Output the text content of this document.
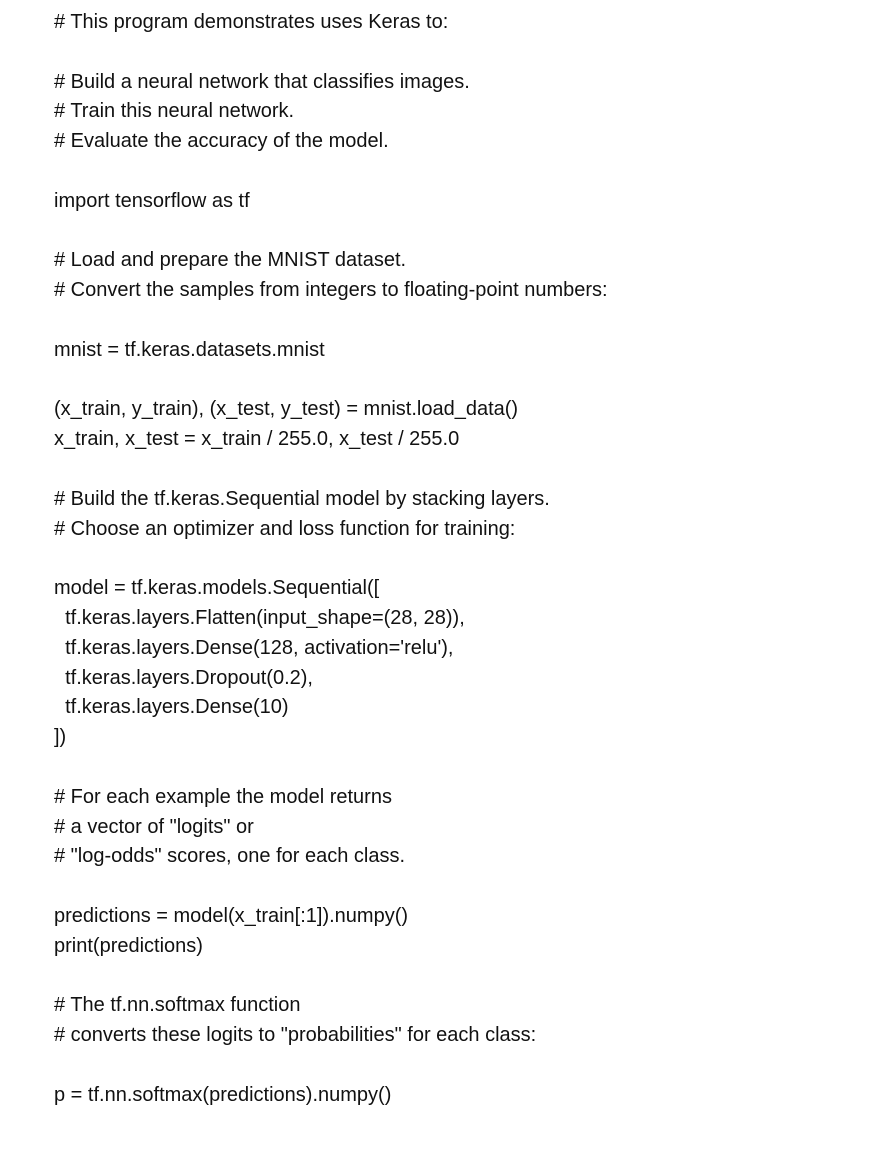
# This program demonstrates uses Keras to:
# Build a neural network that classifies images.
# Train this neural network.
# Evaluate the accuracy of the model.
import tensorflow as tf
# Load and prepare the MNIST dataset.
# Convert the samples from integers to floating-point numbers:
mnist = tf.keras.datasets.mnist
(x_train, y_train), (x_test, y_test) = mnist.load_data()
x_train, x_test = x_train / 255.0, x_test / 255.0
# Build the tf.keras.Sequential model by stacking layers.
# Choose an optimizer and loss function for training:
model = tf.keras.models.Sequential([
tf.keras.layers.Flatten(input_shape=(28, 28)),
tf.keras.layers.Dense(128, activation='relu'),
tf.keras.layers.Dropout(0.2),
tf.keras.layers.Dense(10)
])
# For each example the model returns
# a vector of "logits" or
# "log-odds" scores, one for each class.
predictions = model(x_train[:1]).numpy()
print(predictions)
# The tf.nn.softmax function
# converts these logits to "probabilities" for each class:
p = tf.nn.softmax(predictions).numpy()
